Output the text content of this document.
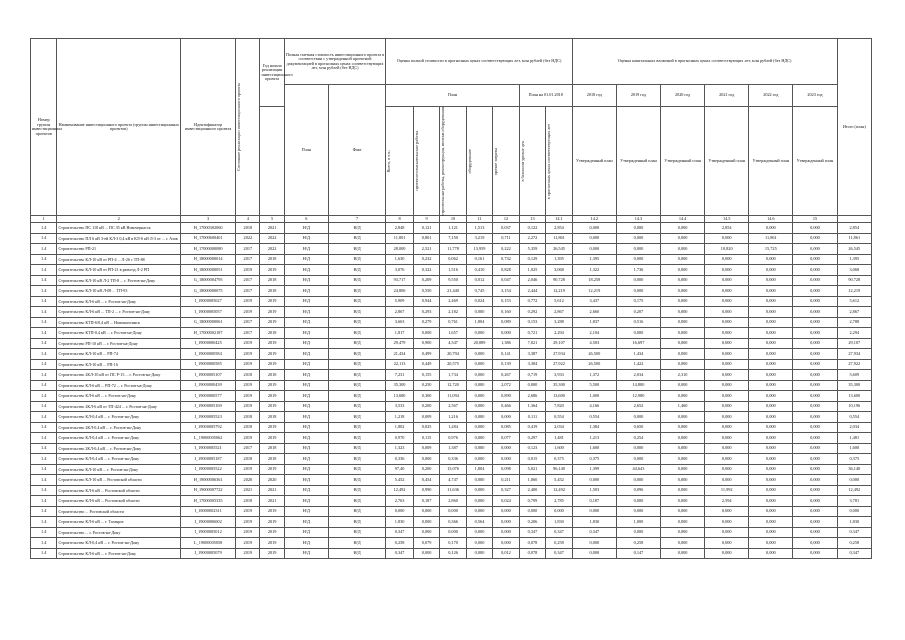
Номер группы инвестиционных проектов	Наименование инвестиционного проекта (группы инвестиционных проектов)	Идентификатор инвестиционного проекта	Состояние реализации инвестиционного проекта	Год начала реализации инвестиционного проекта	Полная сметная стоимость инвестиционного проекта в соответствии с утвержденной проектной документацией в прогнозных ценах соответствующих лет, млн рублей (без НДС)		Оценка полной стоимости в прогнозных ценах соответствующих лет, млн рублей (без НДС)							Оценка капитальных вложений в прогнозных ценах соответствующих лет, млн рублей (без НДС)						Итого (план)
					План	Факт	План					План на 01.01.2018		2018 год	2019 год	2020 год	2021 год	2022 год	2023 год	

							Всего, в т.ч.:	проектно-изыскательские работы	строительные работы, реконструкция, монтаж оборудования	оборудование	прочие затраты	в базисном уровне цен	в прогнозных ценах соответствующих лет	Утвержденный план	Утвержденный план	Утвержденный план	Утвержденный план	Утвержденный план	Утвержденный план	
1	2	3	4	5	6	7	8	9	10	11	12	13	14.1	14.2	14.3	14.4	14.5	14.6	15	
1.4	Строительство ПС 110 кВ ... ПС 35 кВ Новочеркасск	H_17000302060	2018	2021	Н/Д	Н/Д	2,848	0,121	1,121	1,513	0,037	0,122	2,854	0,000	0,000	0,000	2,854	0,000	0,000	2,854
1.4	Строительство ПЛ 6 кВ 3-ей КЛ-3 0,4 кВ в КЛ-6 кВ Л-3 от ... г. Азов	H_17000600401	2022	2022	Н/Д	Н/Д	11,801	0,801	7,150	3,219	0,711	2,272	11,861	0,000	0,000	0,000	0,000	11,861	0,000	11,861
1.4	Строительство РП-21	H_17000000080	2017	2022	Н/Д	Н/Д	28,000	2,521	11,778	13,959	0,222	5,359	26,545	0,000	0,000	0,000	10,820	15,725	0,000	26,545
1.4	Строительство КЛ-10 кВ от РП-4 ... Л-26 с ТП-88	H_18000000014	2017	2018	Н/Д	Н/Д	1,630	0,232	0,062	0,161	0,732	0,129	1,395	1,395	0,000	0,000	0,000	0,000	0,000	1,395
1.4	Строительство КЛ-10 кВ от РП-21 в разъезд Л-2 РП	H_18000000051	2019	2019	Н/Д	Н/Д	3,076	0,322	1,516	0,410	0,828	1,025	3,068	1,322	1,736	0,000	0,000	0,000	0,000	3,068
1.4	Строительство КЛ-10 кВ Л-2 ТП-8 ... г. Ростов-на-Дону	G_18000004795	2017	2018	Н/Д	Н/Д	93,717	0,209	9,550	0,012	0,047	2,046	90,728	18,258	0,000	0,000	0,000	0,000	0,000	90,728
1.4	Строительство КЛ-10 кВ Л-08 ... ТП-93	G_18000000075	2017	2018	Н/Д	Н/Д	24,806	0,550	21,440	0,745	3,154	2,444	12,219	12,219	0,000	0,000	0,000	0,000	0,000	12,219
1.4	Строительство КЛ-6 кВ ... г. Ростов-на-Дону	I_19000005027	2019	2019	Н/Д	Н/Д	5,909	0,944	2,469	0,024	0,153	0,772	5,612	3,437	0,175	0,000	0,000	0,000	0,000	5,612
1.4	Строительство КЛ-6 кВ ... ТП-2 ... г. Ростов-на-Дону	I_19000005057	2019	2019	Н/Д	Н/Д	2,867	0,293	2,182	0,000	0,160	0,292	2,867	2,660	0,207	0,000	0,000	0,000	0,000	2,867
1.4	Строительство КТП-6/0,4 кВ ... Новошахтинск	G_18000000061	2017	2019	Н/Д	Н/Д	3,663	0,279	0,761	1,804	0,089	0,153	3,288	1,837	0,516	0,000	0,000	0,000	0,000	2,788
1.4	Строительство КТП-0,4 кВ ... г. Ростов-на-Дону	H_17000002187	2017	2018	Н/Д	Н/Д	1,817	0,000	1,657	0,000	0,000	0,721	2,294	2,104	0,000	0,000	0,000	0,000	0,000	2,294
1.4	Строительство РП-10 кВ ... г. Ростов-на-Дону	I_19000000425	2019	2019	Н/Д	Н/Д	29,479	0,900	4,547	20,889	1,386	7,021	29,107	4,503	16,697	0,000	0,000	0,000	0,000	29,107
1.4	Строительство КЛ-10 кВ ... РП-74	I_19000000584	2019	2019	Н/Д	Н/Д	21,434	0,499	20,794	0,000	0,141	3,387	27,934	26,500	1,434	0,000	0,000	0,000	0,000	27,934
1.4	Строительство КЛ-10 кВ ... РП-16	I_19000000585	2019	2019	Н/Д	Н/Д	22,113	0,449	20,575	0,000	0,139	3,384	27,922	26,500	1,422	0,000	0,000	0,000	0,000	27,922
1.4	Строительство 2КЛ-10 кВ от ПС Р-15 ... г. Ростов-на-Дону	I_19000005107	2018	2018	Н/Д	Н/Д	7,231	0,155	1,734	0,000	0,267	0,719	3,933	1,372	2,034	2,310	0,000	0,000	0,000	5,609
1.4	Строительство КЛ-6 кВ ... РП-72 ... г. Ростов-на-Дону	I_19000000439	2019	2019	Н/Д	Н/Д	35,300	0,250	12,720	0,000	2,072	0,000	35,300	5,500	14,800	0,000	0,000	0,000	0,000	35,300
1.4	Строительство КЛ-6 кВ ... г. Ростов-на-Дону	I_19000000577	2019	2019	Н/Д	Н/Д	13,680	0,300	11,094	0,000	0,890	2,686	13,600	1,000	12,980	0,000	0,000	0,000	0,000	13,600
1.4	Строительство 2КЛ-6 кВ от ТП-424 ... г. Ростов-на-Дону	I_19000005169	2019	2019	Н/Д	Н/Д	3,533	0,200	2,567	0,000	0,466	1,364	7,820	4,166	2,652	1,460	0,000	0,000	0,000	10,196
1.4	Строительство КЛ-0,4 кВ ... г. Ростов-на-Дону	I_19000005523	2018	2018	Н/Д	Н/Д	1,218	0,009	1,216	0,000	0,000	0,111	0,554	0,554	0,000	0,000	0,000	0,000	0,000	0,554
1.4	Строительство 2КЛ-0,4 кВ ... г. Ростов-на-Дону	I_19000005792	2018	2019	Н/Д	Н/Д	1,802	0,025	1,284	0,000	0,085	0,419	2,034	1,384	0,650	0,000	0,000	0,000	0,000	2,034
1.4	Строительство КЛ-0,4 кВ ... г. Ростов-на-Дону	L_19000005062	2019	2019	Н/Д	Н/Д	0,970	0,115	0,976	0,000	0,077	0,297	1,481	1,213	0,254	0,000	0,000	0,000	0,000	1,481
1.4	Строительство 2КЛ-0,4 кВ ... г. Ростов-на-Дону	I_19000005521	2017	2018	Н/Д	Н/Д	1,323	0,009	1,387	0,000	0,000	0,123	1,600	1,600	0,000	0,000	0,000	0,000	0,000	1,600
1.4	Строительство КЛ-0,4 кВ ... г. Ростов-на-Дону	I_19000005187	2018	2018	Н/Д	Н/Д	0,336	0,000	0,336	0,000	0,000	0,015	0,375	0,375	0,000	0,000	0,000	0,000	0,000	0,375
1.4	Строительство КЛ-10 кВ ... г. Ростов-на-Дону	I_19000005522	2019	2019	Н/Д	Н/Д	97,40	0,200	15,076	1,804	0,098	5,021	96,140	1,399	44,643	0,000	0,000	0,000	0,000	36,140
1.4	Строительство КЛ-10 кВ ... Ростовской области	H_19000006361	2020	2020	Н/Д	Н/Д	5,452	0,454	4,747	0,000	0,211	1,060	5,452	0,000	0,000	0,000	0,000	0,000	0,000	0,000
1.4	Строительство КЛ-6 кВ ... Ростовской области	H_19000007722	2021	2021	Н/Д	Н/Д	12,492	0,990	11,636	0,000	0,327	2,400	12,492	1,503	0,096	0,000	11,992	0,000	0,000	12,492
1.4	Строительство КЛ-6 кВ ... Ростовской области	H_17000005335	2018	2021	Н/Д	Н/Д	2,763	0,187	2,860	0,000	0,024	0,799	2,785	0,187	0,000	0,000	2,594	0,000	0,000	3,781
1.4	Строительство ... Ростовской области	I_18000002311	2019	2019	Н/Д	Н/Д	0,000	0,000	0,000	0,000	0,000	0,000	0,000	0,000	0,000	0,000	0,000	0,000	0,000	0,000
1.4	Строительство КЛ-6 кВ ... г. Таганрог	I_19000006002	2019	2019	Н/Д	Н/Д	1,830	0,000	0,366	0,564	0,000	0,206	1,830	1,830	1,000	0,000	0,000	0,000	0,000	1,830
1.4	Строительство ... г. Ростов-на-Дону	I_19000005012	2019	2019	Н/Д	Н/Д	0,347	0,000	0,000	0,000	0,000	0,347	0,347	0,347	0,000	0,000	0,000	0,000	0,000	0,347
1.4	Строительство КЛ-0,4 кВ ... г. Ростов-на-Дону	L_19000005058	2019	2019	Н/Д	Н/Д	0,258	0,079	0,170	0,000	0,000	0,078	0,258	0,000	0,258	0,000	0,000	0,000	0,000	0,258
1.4	Строительство КЛ-6 кВ ... г. Ростов-на-Дону	I_19000005079	2019	2019	Н/Д	Н/Д	0,347	0,000	0,126	0,000	0,012	0,078	0,347	0,000	0,147	0,000	0,000	0,000	0,000	0,347
